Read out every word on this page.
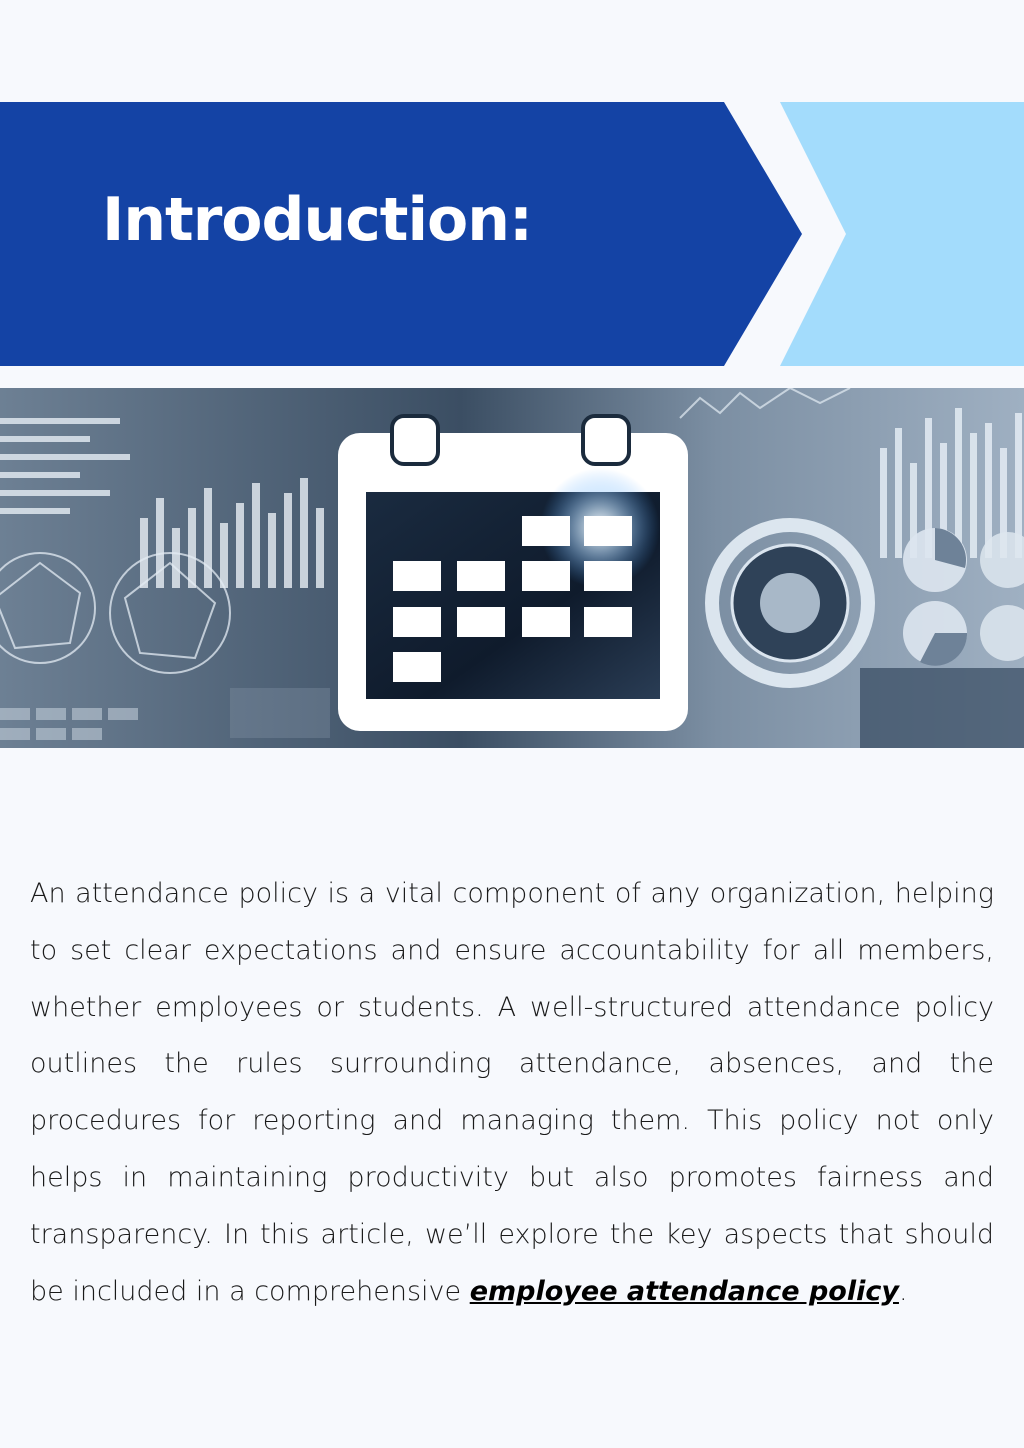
Introduction:

An attendance policy is a vital component of any organization, helping to set clear expectations and ensure accountability for all members, whether employees or students. A well-structured attendance policy outlines the rules surrounding attendance, absences, and the procedures for reporting and managing them. This policy not only helps in maintaining productivity but also promotes fairness and transparency. In this article, we’ll explore the key aspects that should be included in a comprehensive employee attendance policy.
